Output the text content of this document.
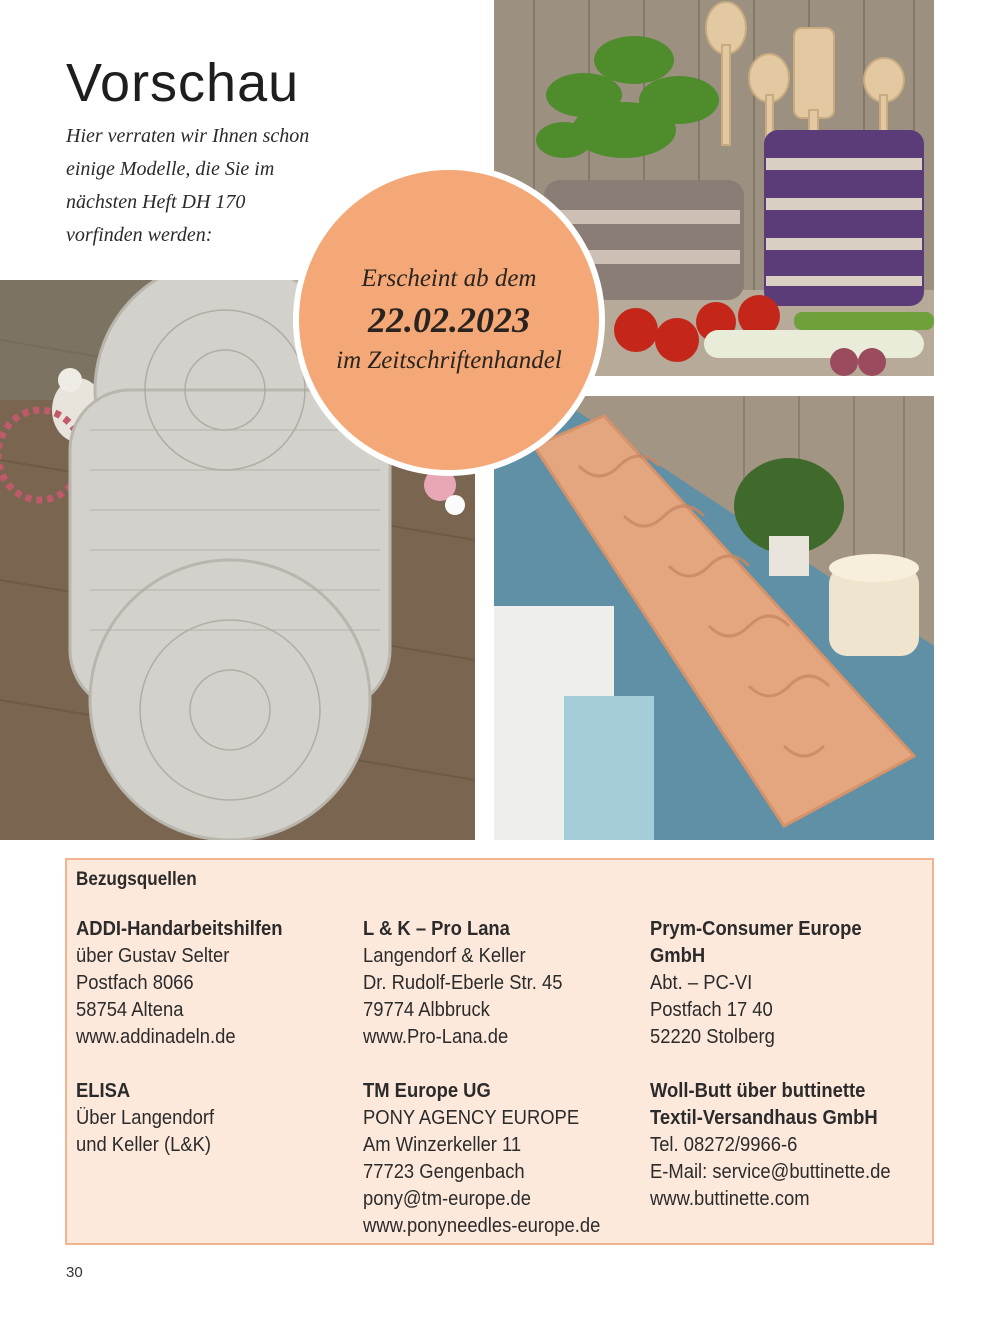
Vorschau
Hier verraten wir Ihnen schon
einige Modelle, die Sie im
nächsten Heft DH 170
vorfinden werden:
Erscheint ab dem
22.02.2023
im Zeitschriftenhandel
Bezugsquellen
ADDI-Handarbeitshilfen
über Gustav Selter
Postfach 8066
58754 Altena
www.addinadeln.de
ELISA
Über Langendorf
und Keller (L&K)
L & K – Pro Lana
Langendorf & Keller
Dr. Rudolf-Eberle Str. 45
79774 Albbruck
www.Pro-Lana.de
TM Europe UG
PONY AGENCY EUROPE
Am Winzerkeller 11
77723 Gengenbach
pony@tm-europe.de
www.ponyneedles-europe.de
Prym-Consumer Europe
GmbH
Abt. – PC-VI
Postfach 17 40
52220 Stolberg
Woll-Butt über buttinette
Textil-Versandhaus GmbH
Tel. 08272/9966-6
E-Mail: service@buttinette.de
www.buttinette.com
30
